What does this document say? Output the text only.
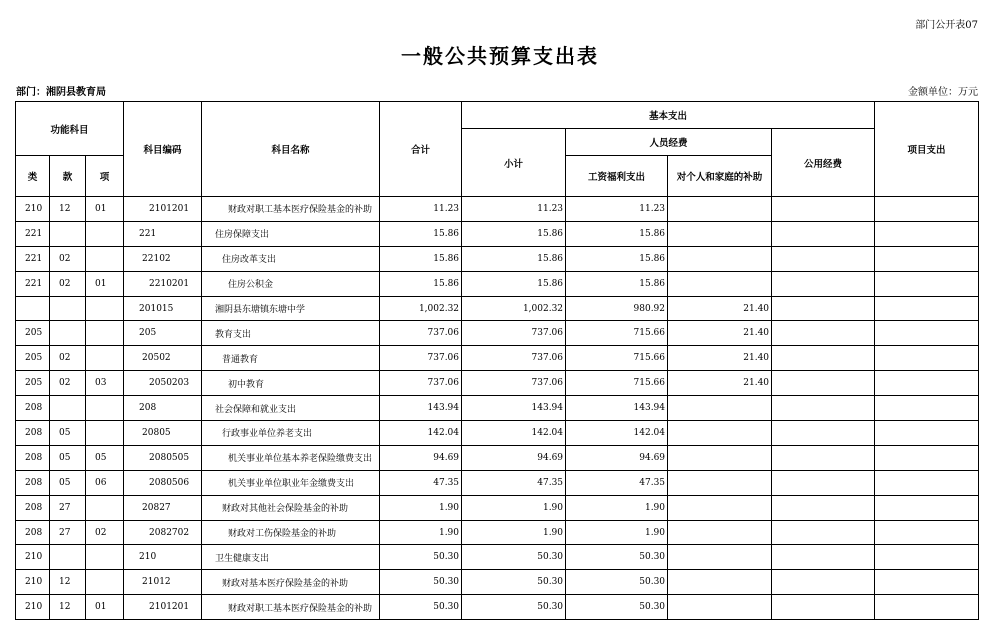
部门公开表07
一般公共预算支出表
部门：湘阴县教育局	金额单位：万元
功能科目			科目编码	科目名称	合计	基本支出				项目支出
						小计	人员经费		公用经费	
类	款	项					工资福利支出	对个人和家庭的补助		
210	12	01	2101201	财政对职工基本医疗保险基金的补助	11.23	11.23	11.23			
221			221	住房保障支出	15.86	15.86	15.86			
221	02		22102	住房改革支出	15.86	15.86	15.86			
221	02	01	2210201	住房公积金	15.86	15.86	15.86			
			201015	湘阴县东塘镇东塘中学	1,002.32	1,002.32	980.92	21.40		
205			205	教育支出	737.06	737.06	715.66	21.40		
205	02		20502	普通教育	737.06	737.06	715.66	21.40		
205	02	03	2050203	初中教育	737.06	737.06	715.66	21.40		
208			208	社会保障和就业支出	143.94	143.94	143.94			
208	05		20805	行政事业单位养老支出	142.04	142.04	142.04			
208	05	05	2080505	机关事业单位基本养老保险缴费支出	94.69	94.69	94.69			
208	05	06	2080506	机关事业单位职业年金缴费支出	47.35	47.35	47.35			
208	27		20827	财政对其他社会保险基金的补助	1.90	1.90	1.90			
208	27	02	2082702	财政对工伤保险基金的补助	1.90	1.90	1.90			
210			210	卫生健康支出	50.30	50.30	50.30			
210	12		21012	财政对基本医疗保险基金的补助	50.30	50.30	50.30			
210	12	01	2101201	财政对职工基本医疗保险基金的补助	50.30	50.30	50.30			
